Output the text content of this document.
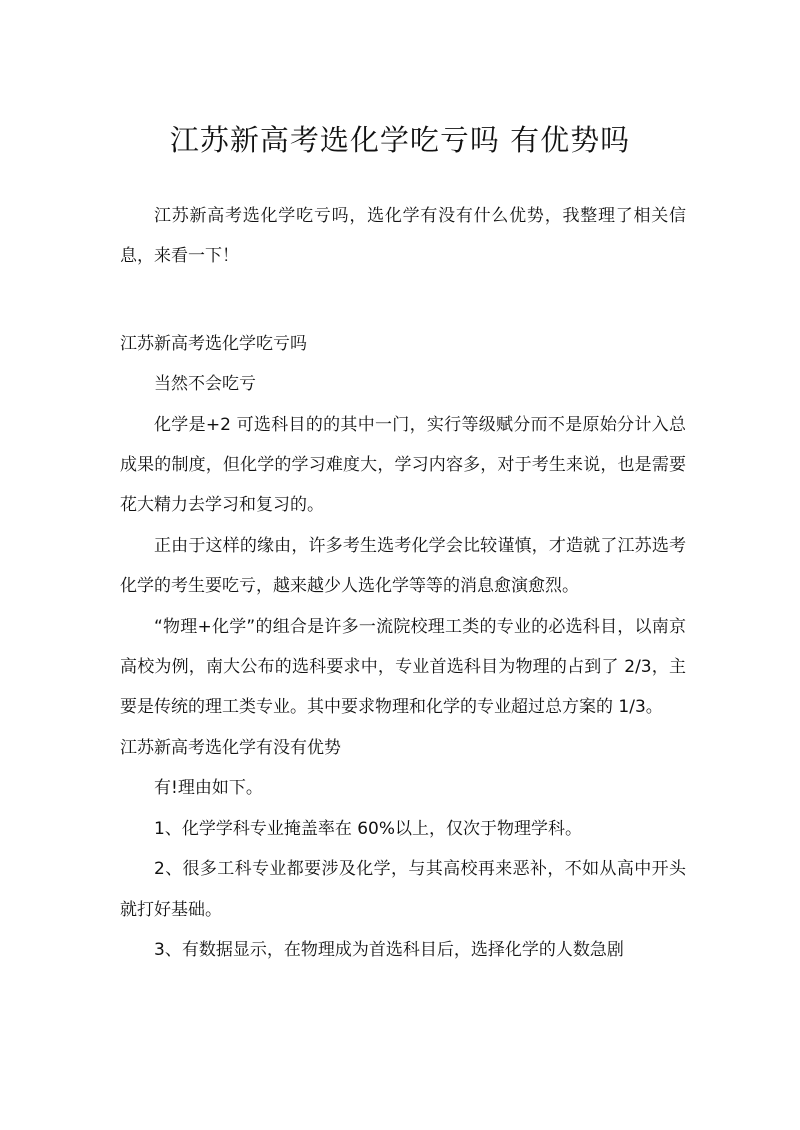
江苏新高考选化学吃亏吗 有优势吗

江苏新高考选化学吃亏吗，选化学有没有什么优势，我整理了相关信息，来看一下！

江苏新高考选化学吃亏吗

当然不会吃亏

化学是+2 可选科目的的其中一门，实行等级赋分而不是原始分计入总成果的制度，但化学的学习难度大，学习内容多，对于考生来说，也是需要花大精力去学习和复习的。

正由于这样的缘由，许多考生选考化学会比较谨慎，才造就了江苏选考化学的考生要吃亏，越来越少人选化学等等的消息愈演愈烈。

“物理+化学”的组合是许多一流院校理工类的专业的必选科目，以南京高校为例，南大公布的选科要求中，专业首选科目为物理的占到了 2/3，主要是传统的理工类专业。其中要求物理和化学的专业超过总方案的 1/3。

江苏新高考选化学有没有优势

有!理由如下。

1、化学学科专业掩盖率在 60%以上，仅次于物理学科。

2、很多工科专业都要涉及化学，与其高校再来恶补，不如从高中开头就打好基础。

3、有数据显示，在物理成为首选科目后，选择化学的人数急剧
